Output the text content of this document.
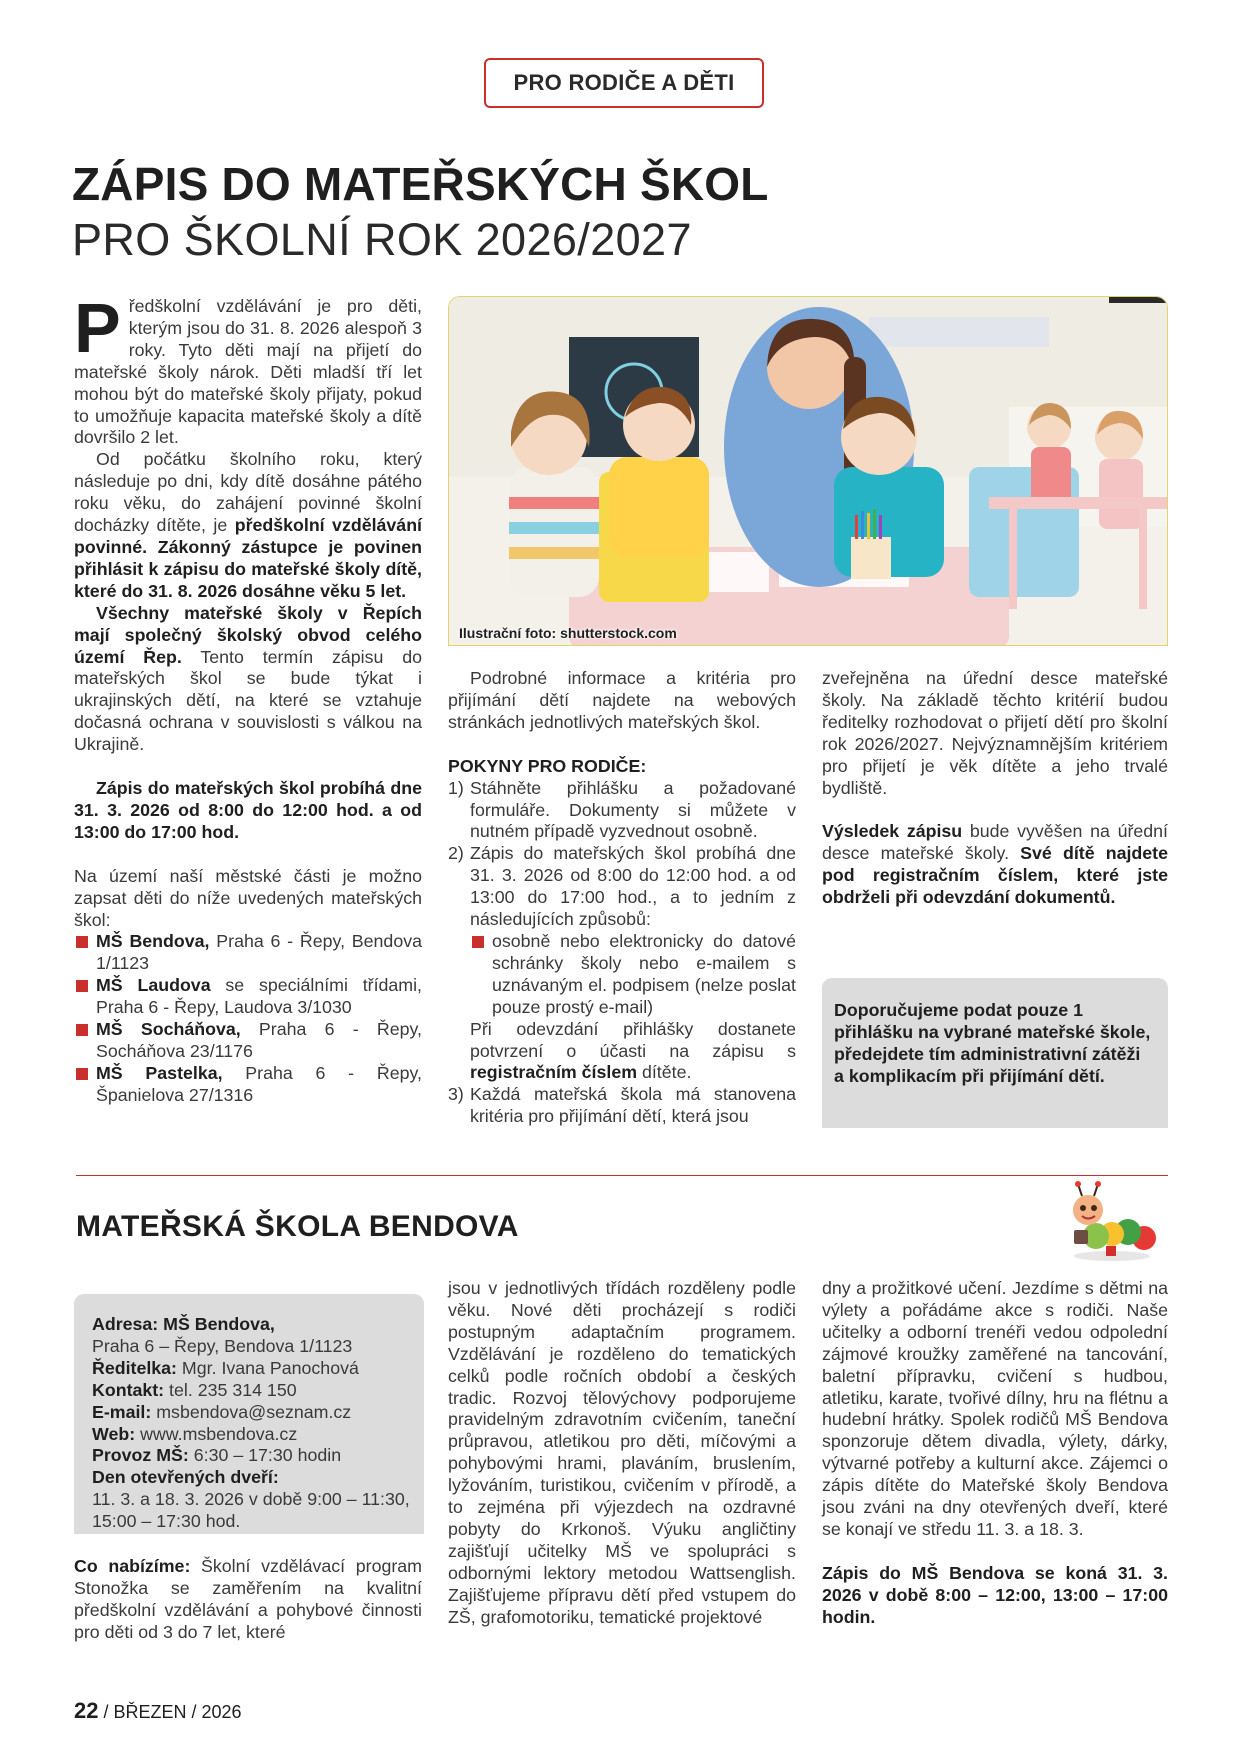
PRO RODIČE A DĚTI
ZÁPIS DO MATEŘSKÝCH ŠKOL
PRO ŠKOLNÍ ROK 2026/2027

Předškolní vzdělávání je pro děti, kterým jsou do 31. 8. 2026 alespoň 3 roky. Tyto děti mají na přijetí do mateřské školy nárok. Děti mladší tří let mohou být do mateřské školy přijaty, pokud to umožňuje kapacita mateřské školy a dítě dovršilo 2 let.

Od počátku školního roku, který následuje po dni, kdy dítě dosáhne pátého roku věku, do zahájení povinné školní docházky dítěte, je předškolní vzdělávání povinné. Zákonný zástupce je povinen přihlásit k zápisu do mateřské školy dítě, které do 31. 8. 2026 dosáhne věku 5 let.

Všechny mateřské školy v Řepích mají společný školský obvod celého území Řep. Tento termín zápisu do mateřských škol se bude týkat i ukrajinských dětí, na které se vztahuje dočasná ochrana v souvislosti s válkou na Ukrajině.

Zápis do mateřských škol probíhá dne 31. 3. 2026 od 8:00 do 12:00 hod. a od 13:00 do 17:00 hod.

Na území naší městské části je možno zapsat děti do níže uvedených mateřských škol:

MŠ Bendova, Praha 6 - Řepy, Bendova 1/1123
MŠ Laudova se speciálními třídami, Praha 6 - Řepy, Laudova 3/1030
MŠ Socháňova, Praha 6 - Řepy, Socháňova 23/1176
MŠ Pastelka, Praha 6 - Řepy, Španielova 27/1316
Ilustrační foto: shutterstock.com

Podrobné informace a kritéria pro přijímání dětí najdete na webových stránkách jednotlivých mateřských škol.

POKYNY PRO RODIČE:

1) Stáhněte přihlášku a požadované formuláře. Dokumenty si můžete v nutném případě vyzvednout osobně.
2) Zápis do mateřských škol probíhá dne 31. 3. 2026 od 8:00 do 12:00 hod. a od 13:00 do 17:00 hod., a to jedním z následujících způsobů:
osobně nebo elektronicky do datové schránky školy nebo e-mailem s uznávaným el. podpisem (nelze poslat pouze prostý e-mail)

Při odevzdání přihlášky dostanete potvrzení o účasti na zápisu s registračním číslem dítěte.

3) Každá mateřská škola má stanovena kritéria pro přijímání dětí, která jsou

zveřejněna na úřední desce mateřské školy. Na základě těchto kritérií budou ředitelky rozhodovat o přijetí dětí pro školní rok 2026/2027. Nejvýznamnějším kritériem pro přijetí je věk dítěte a jeho trvalé bydliště.

Výsledek zápisu bude vyvěšen na úřední desce mateřské školy. Své dítě najdete pod registračním číslem, které jste obdrželi při odevzdání dokumentů.

Doporučujeme podat pouze 1 přihlášku na vybrané mateřské škole, předejdete tím administrativní zátěži a komplikacím při přijímání dětí.
MATEŘSKÁ ŠKOLA BENDOVA
Adresa: MŠ Bendova,
Praha 6 – Řepy, Bendova 1/1123
Ředitelka: Mgr. Ivana Panochová
Kontakt: tel. 235 314 150
E-mail: msbendova@seznam.cz
Web: www.msbendova.cz
Provoz MŠ: 6:30 – 17:30 hodin
Den otevřených dveří:
11. 3. a 18. 3. 2026 v době 9:00 – 11:30, 15:00 – 17:30 hod.

Co nabízíme: Školní vzdělávací program Stonožka se zaměřením na kvalitní předškolní vzdělávání a pohybové činnosti pro děti od 3 do 7 let, které

jsou v jednotlivých třídách rozděleny podle věku. Nové děti procházejí s rodiči postupným adaptačním programem. Vzdělávání je rozděleno do tematických celků podle ročních období a českých tradic. Rozvoj tělovýchovy podporujeme pravidelným zdravotním cvičením, taneční průpravou, atletikou pro děti, míčovými a pohybovými hrami, plaváním, bruslením, lyžováním, turistikou, cvičením v přírodě, a to zejména při výjezdech na ozdravné pobyty do Krkonoš. Výuku angličtiny zajišťují učitelky MŠ ve spolupráci s odbornými lektory metodou Wattsenglish. Zajišťujeme přípravu dětí před vstupem do ZŠ, grafomotoriku, tematické projektové

dny a prožitkové učení. Jezdíme s dětmi na výlety a pořádáme akce s rodiči. Naše učitelky a odborní trenéři vedou odpolední zájmové kroužky zaměřené na tancování, baletní přípravku, cvičení s hudbou, atletiku, karate, tvořivé dílny, hru na flétnu a hudební hrátky. Spolek rodičů MŠ Bendova sponzoruje dětem divadla, výlety, dárky, výtvarné potřeby a kulturní akce. Zájemci o zápis dítěte do Mateřské školy Bendova jsou zváni na dny otevřených dveří, které se konají ve středu 11. 3. a 18. 3.

Zápis do MŠ Bendova se koná 31. 3. 2026 v době 8:00 – 12:00, 13:00 – 17:00 hodin.

22 / BŘEZEN / 2026
